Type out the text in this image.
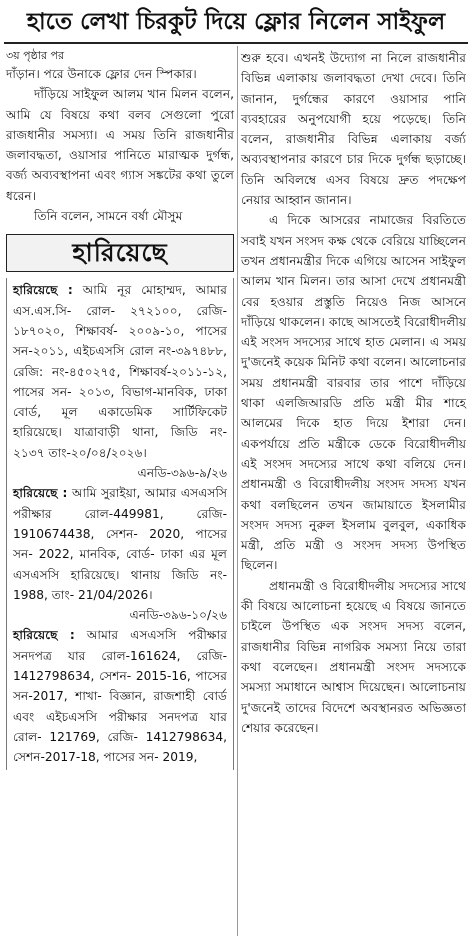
হাতে লেখা চিরকুট দিয়ে ফ্লোর নিলেন সাইফুল

৩য় পৃষ্ঠার পর

দাঁড়ান। পরে উনাকে ফ্লোর দেন স্পিকার।

দাঁড়িয়ে সাইফুল আলম খান মিলন বলেন, আমি যে বিষয়ে কথা বলব সেগুলো পুরো রাজধানীর সমস্যা। এ সময় তিনি রাজধানীর জলাবদ্ধতা, ওয়াসার পানিতে মারাত্মক দুর্গন্ধ, বর্জ্য অব্যবস্থাপনা এবং গ্যাস সঙ্কটের কথা তুলে ধরেন।

তিনি বলেন, সামনে বর্ষা মৌসুম

হারিয়েছে

হারিয়েছে : আমি নূর মোহাম্মদ, আমার এস.এস.সি- রোল- ২৭২১০০, রেজি- ১৮৭০২০, শিক্ষাবর্ষ- ২০০৯-১০, পাসের সন-২০১১, এইচএসসি রোল নং-৩৯৭৪৮৮, রেজি: নং-৪৫০২৭৫, শিক্ষাবর্ষ-২০১১-১২, পাসের সন- ২০১৩, বিভাগ-মানবিক, ঢাকা বোর্ড, মূল একাডেমিক সার্টিফিকেট হারিয়েছে। যাত্রাবাড়ী থানা, জিডি নং- ২১৩৭ তাং-২০/০৪/২০২৬।

এনডি-৩৯৬-৯/২৬

হারিয়েছে : আমি সুরাইয়া, আমার এসএসসি পরীক্ষার রোল-449981, রেজি- 1910674438, সেশন- 2020, পাসের সন- 2022, মানবিক, বোর্ড- ঢাকা এর মূল এসএসসি হারিয়েছে। থানায় জিডি নং- 1988, তাং- 21/04/2026।

এনডি-৩৯৬-১০/২৬

হারিয়েছে : আমার এসএসসি পরীক্ষার সনদপত্র যার রোল-161624, রেজি- 1412798634, সেশন- 2015-16, পাসের সন-2017, শাখা- বিজ্ঞান, রাজশাহী বোর্ড এবং এইচএসসি পরীক্ষার সনদপত্র যার রোল- 121769, রেজি- 1412798634, সেশন-2017-18, পাসের সন- 2019,

শুরু হবে। এখনই উদ্যোগ না নিলে রাজধানীর বিভিন্ন এলাকায় জলাবদ্ধতা দেখা দেবে। তিনি জানান, দুর্গন্ধের কারণে ওয়াসার পানি ব্যবহারের অনুপযোগী হয়ে পড়েছে। তিনি বলেন, রাজধানীর বিভিন্ন এলাকায় বর্জ্য অব্যবস্থাপনার কারণে চার দিকে দুর্গন্ধ ছড়াচ্ছে। তিনি অবিলম্বে এসব বিষয়ে দ্রুত পদক্ষেপ নেয়ার আহ্বান জানান।

এ দিকে আসরের নামাজের বিরতিতে সবাই যখন সংসদ কক্ষ থেকে বেরিয়ে যাচ্ছিলেন তখন প্রধানমন্ত্রীর দিকে এগিয়ে আসেন সাইফুল আলম খান মিলন। তার আসা দেখে প্রধানমন্ত্রী বের হওয়ার প্রস্তুতি নিয়েও নিজ আসনে দাঁড়িয়ে থাকলেন। কাছে আসতেই বিরোধীদলীয় এই সংসদ সদস্যের সাথে হাত মেলান। এ সময় দু'জনেই কয়েক মিনিট কথা বলেন। আলোচনার সময় প্রধানমন্ত্রী বারবার তার পাশে দাঁড়িয়ে থাকা এলজিআরডি প্রতি মন্ত্রী মীর শাহে আলমের দিকে হাত দিয়ে ইশারা দেন। একপর্যায়ে প্রতি মন্ত্রীকে ডেকে বিরোধীদলীয় এই সংসদ সদস্যের সাথে কথা বলিয়ে দেন। প্রধানমন্ত্রী ও বিরোধীদলীয় সংসদ সদস্য যখন কথা বলছিলেন তখন জামায়াতে ইসলামীর সংসদ সদস্য নুরুল ইসলাম বুলবুল, একাধিক মন্ত্রী, প্রতি মন্ত্রী ও সংসদ সদস্য উপস্থিত ছিলেন।

প্রধানমন্ত্রী ও বিরোধীদলীয় সদস্যের সাথে কী বিষয়ে আলোচনা হয়েছে এ বিষয়ে জানতে চাইলে উপস্থিত এক সংসদ সদস্য বলেন, রাজধানীর বিভিন্ন নাগরিক সমস্যা নিয়ে তারা কথা বলেছেন। প্রধানমন্ত্রী সংসদ সদস্যকে সমস্যা সমাধানে আশ্বাস দিয়েছেন। আলোচনায় দু'জনেই তাদের বিদেশে অবস্থানরত অভিজ্ঞতা শেয়ার করেছেন।
